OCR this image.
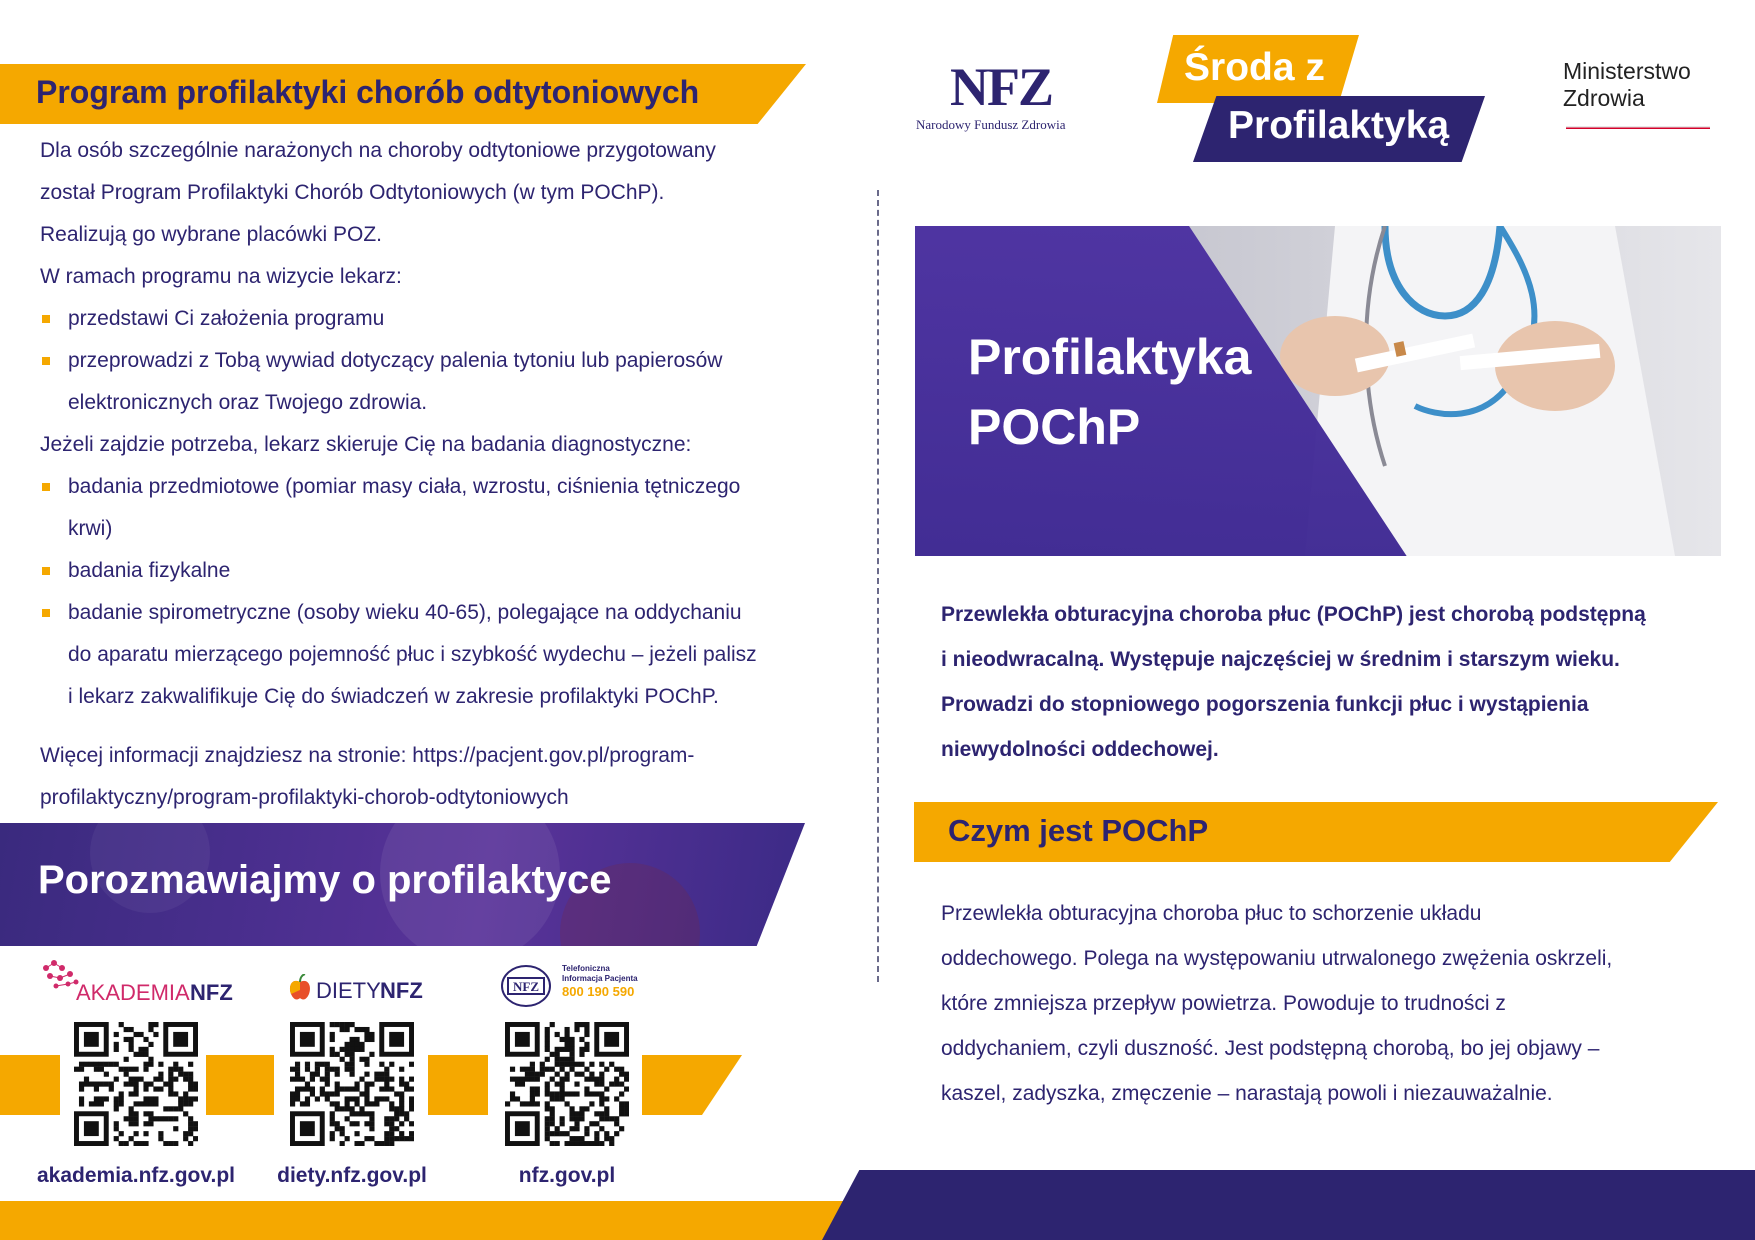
Program profilaktyki chorób odtytoniowych

Dla osób szczególnie narażonych na choroby odtytoniowe przygotowany

został Program Profilaktyki Chorób Odtytoniowych (w tym POChP).

Realizują go wybrane placówki POZ.

W ramach programu na wizycie lekarz:

przedstawi Ci założenia programu
przeprowadzi z Tobą wywiad dotyczący palenia tytoniu lub papierosów
elektronicznych oraz Twojego zdrowia.

Jeżeli zajdzie potrzeba, lekarz skieruje Cię na badania diagnostyczne:

badania przedmiotowe (pomiar masy ciała, wzrostu, ciśnienia tętniczego
krwi)
badania fizykalne
badanie spirometryczne (osoby wieku 40-65), polegające na oddychaniu
do aparatu mierzącego pojemność płuc i szybkość wydechu – jeżeli palisz
i lekarz zakwalifikuje Cię do świadczeń w zakresie profilaktyki POChP.

Więcej informacji znajdziesz na stronie: https://pacjent.gov.pl/program-

profilaktyczny/program-profilaktyki-chorob-odtytoniowych

Porozmawiajmy o profilaktyce
AKADEMIA NFZ	DIETY NFZ	NFZ
Telefoniczna
Informacja Pacjenta
800 190 590
akademia.nfz.gov.pl	diety.nfz.gov.pl	nfz.gov.pl
NFZ
Narodowy Fundusz Zdrowia
Środa z
Profilaktyką
Ministerstwo
Zdrowia
Profilaktyka
POChP
Przewlekła obturacyjna choroba płuc (POChP) jest chorobą podstępną
i nieodwracalną. Występuje najczęściej w średnim i starszym wieku.
Prowadzi do stopniowego pogorszenia funkcji płuc i wystąpienia
niewydolności oddechowej.
Czym jest POChP
Przewlekła obturacyjna choroba płuc to schorzenie układu
oddechowego. Polega na występowaniu utrwalonego zwężenia oskrzeli,
które zmniejsza przepływ powietrza. Powoduje to trudności z
oddychaniem, czyli duszność. Jest podstępną chorobą, bo jej objawy –
kaszel, zadyszka, zmęczenie – narastają powoli i niezauważalnie.
